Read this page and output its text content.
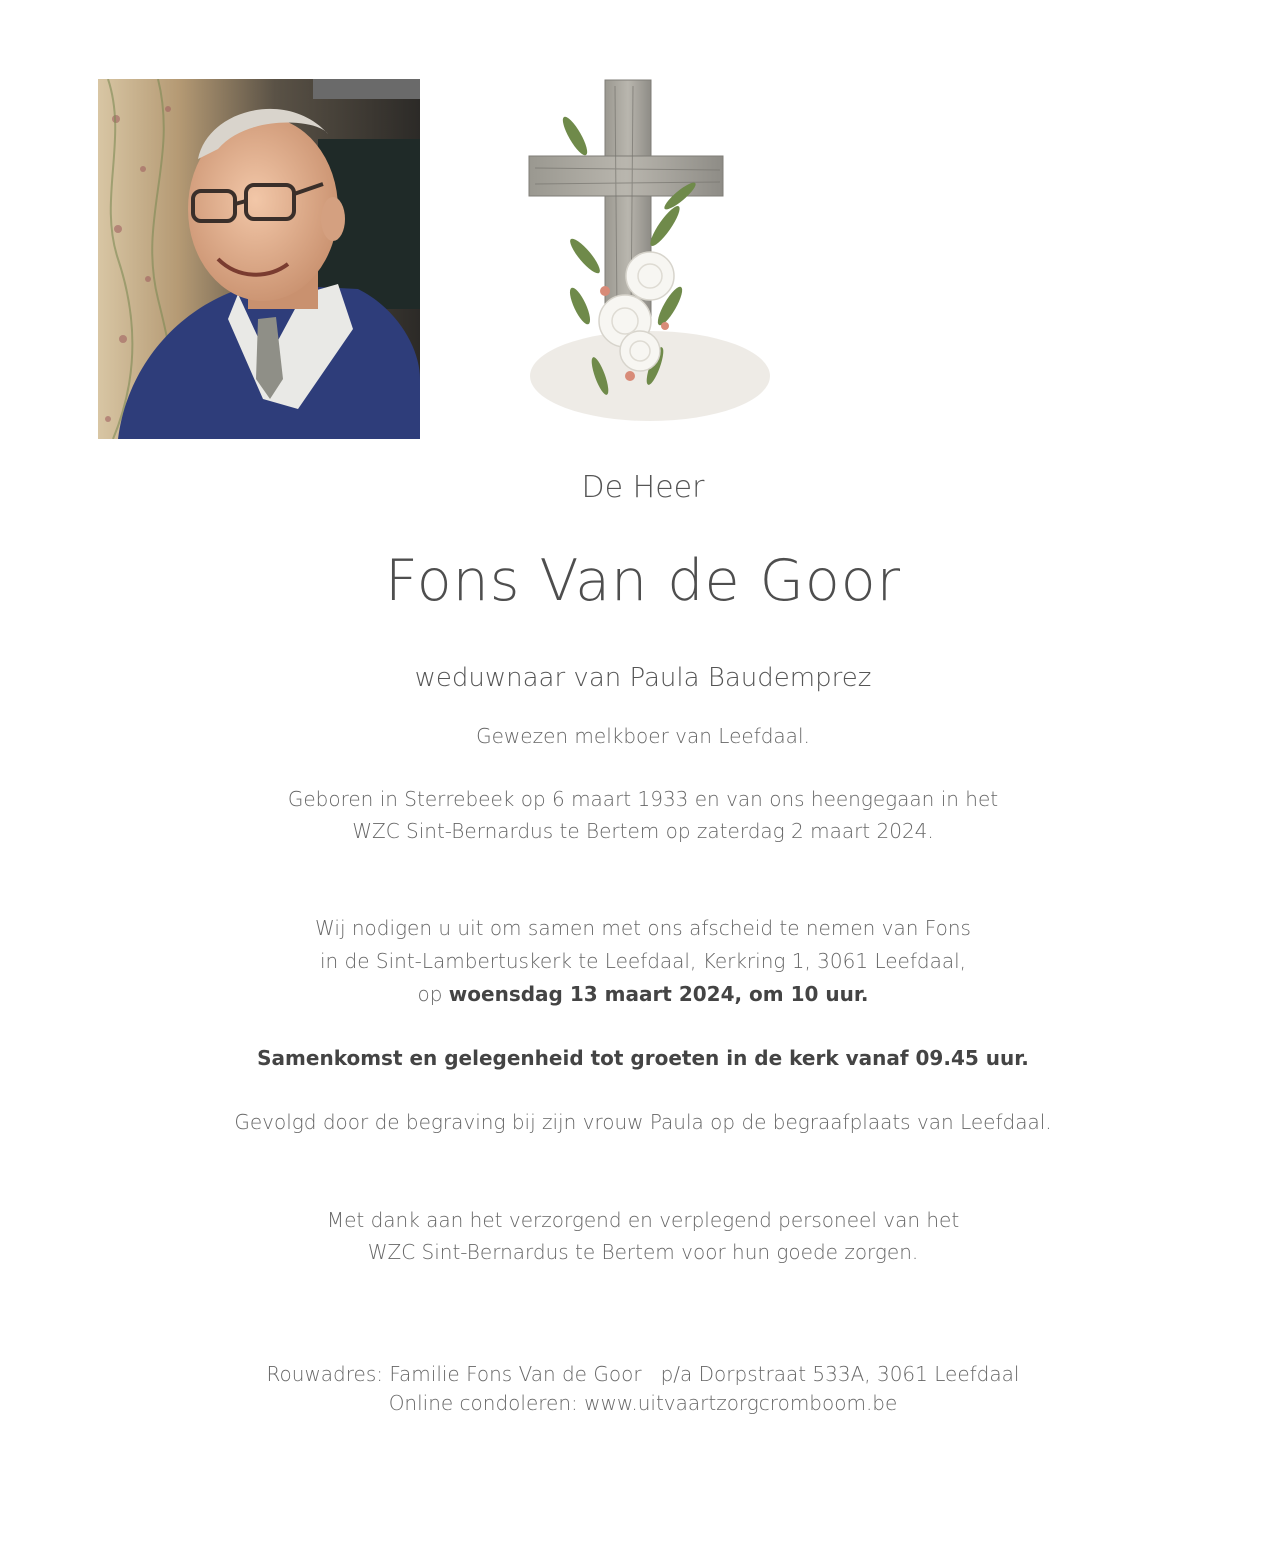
De Heer
Fons Van de Goor
weduwnaar van Paula Baudemprez
Gewezen melkboer van Leefdaal.
Geboren in Sterrebeek op 6 maart 1933 en van ons heengegaan in het
WZC Sint-Bernardus te Bertem op zaterdag 2 maart 2024.
Wij nodigen u uit om samen met ons afscheid te nemen van Fons
in de Sint-Lambertuskerk te Leefdaal, Kerkring 1, 3061 Leefdaal,
op woensdag 13 maart 2024, om 10 uur.
Samenkomst en gelegenheid tot groeten in de kerk vanaf 09.45 uur.
Gevolgd door de begraving bij zijn vrouw Paula op de begraafplaats van Leefdaal.
Met dank aan het verzorgend en verplegend personeel van het
WZC Sint-Bernardus te Bertem voor hun goede zorgen.
Rouwadres: Familie Fons Van de Goor   p/a Dorpstraat 533A, 3061 Leefdaal
Online condoleren: www.uitvaartzorgcromboom.be
